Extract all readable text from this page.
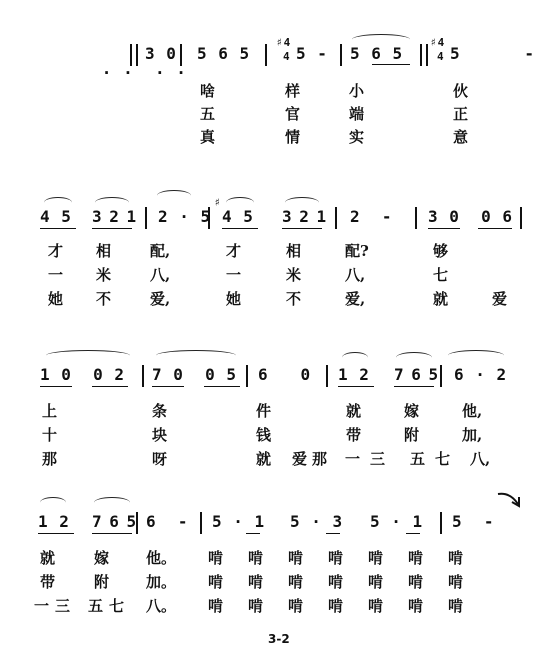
· · · ·

3 0 5 6 5
♯4
4 5 - 5 6 5
♯4
4 5      -
啥	样	小	伙
五	官	端	正
真	情	实	意
4 5 3 2 1 2 · 5
♯
4 5 3 2 1 2  - 3 0  0 6
才 相	配,	才	相	配?	够
一 米	八,	一	米	八,	七
她 不	爱,	她	不	爱,	就	爱
1 0  0 2 7 0  0 5 6   0 1 2 7 6 5 6 · 2
上	条	件	就	嫁	他,
十	块	钱	带	附	加,
那	呀	就 爱 那 一三 五七 八,
1 2 7 6 5 6  - 5 · 1 5 · 3 5 · 1 5  -
就	嫁 他。 啃 啃 啃 啃 啃 啃 啃
带	附 加。 啃 啃 啃 啃 啃 啃 啃
一三 五七 八。 啃 啃 啃 啃 啃 啃 啃
3-2
